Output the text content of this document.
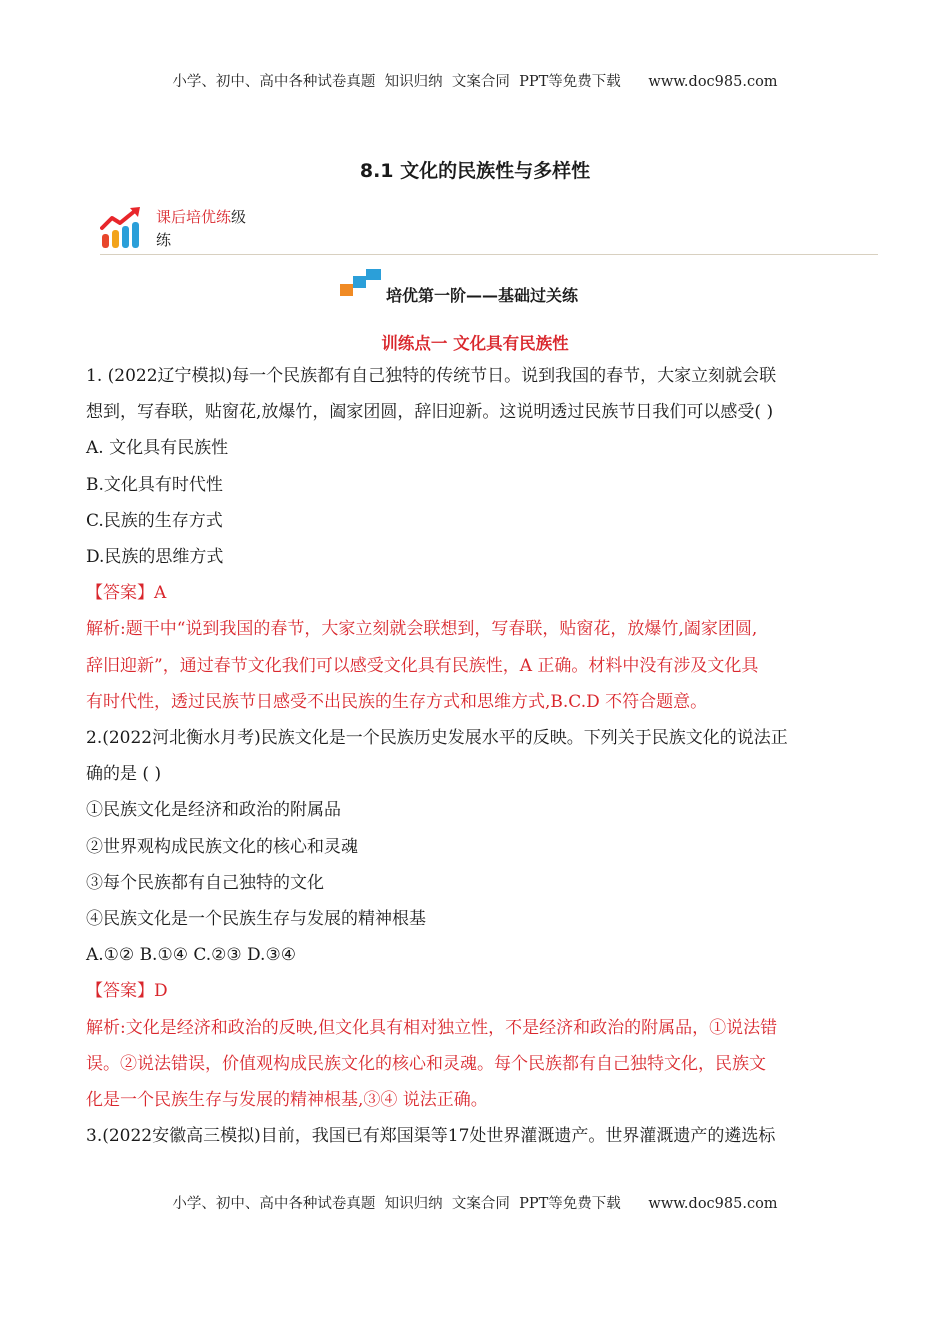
小学、初中、高中各种试卷真题  知识归纳  文案合同  PPT等免费下载      www.doc985.com
8.1 文化的民族性与多样性
课后培优练级
练
培优第一阶——基础过关练
训练点一 文化具有民族性

1. (2022辽宁模拟)每一个民族都有自己独特的传统节日。说到我国的春节，大家立刻就会联

想到，写春联，贴窗花,放爆竹，阖家团圆，辞旧迎新。这说明透过民族节日我们可以感受( )

A. 文化具有民族性

B.文化具有时代性

C.民族的生存方式

D.民族的思维方式

【答案】A

解析:题干中“说到我国的春节，大家立刻就会联想到，写春联，贴窗花，放爆竹,阖家团圆,

辞旧迎新”，通过春节文化我们可以感受文化具有民族性，A 正确。材料中没有涉及文化具

有时代性，透过民族节日感受不出民族的生存方式和思维方式,B.C.D 不符合题意。

2.(2022河北衡水月考)民族文化是一个民族历史发展水平的反映。下列关于民族文化的说法正

确的是 ( )

①民族文化是经济和政治的附属品

②世界观构成民族文化的核心和灵魂

③每个民族都有自己独特的文化

④民族文化是一个民族生存与发展的精神根基

A.①② B.①④ C.②③ D.③④

【答案】D

解析:文化是经济和政治的反映,但文化具有相对独立性，不是经济和政治的附属品，①说法错

误。②说法错误，价值观构成民族文化的核心和灵魂。每个民族都有自己独特文化，民族文

化是一个民族生存与发展的精神根基,③④ 说法正确。

3.(2022安徽高三模拟)目前，我国已有郑国渠等17处世界灌溉遗产。世界灌溉遗产的遴选标

小学、初中、高中各种试卷真题  知识归纳  文案合同  PPT等免费下载      www.doc985.com
